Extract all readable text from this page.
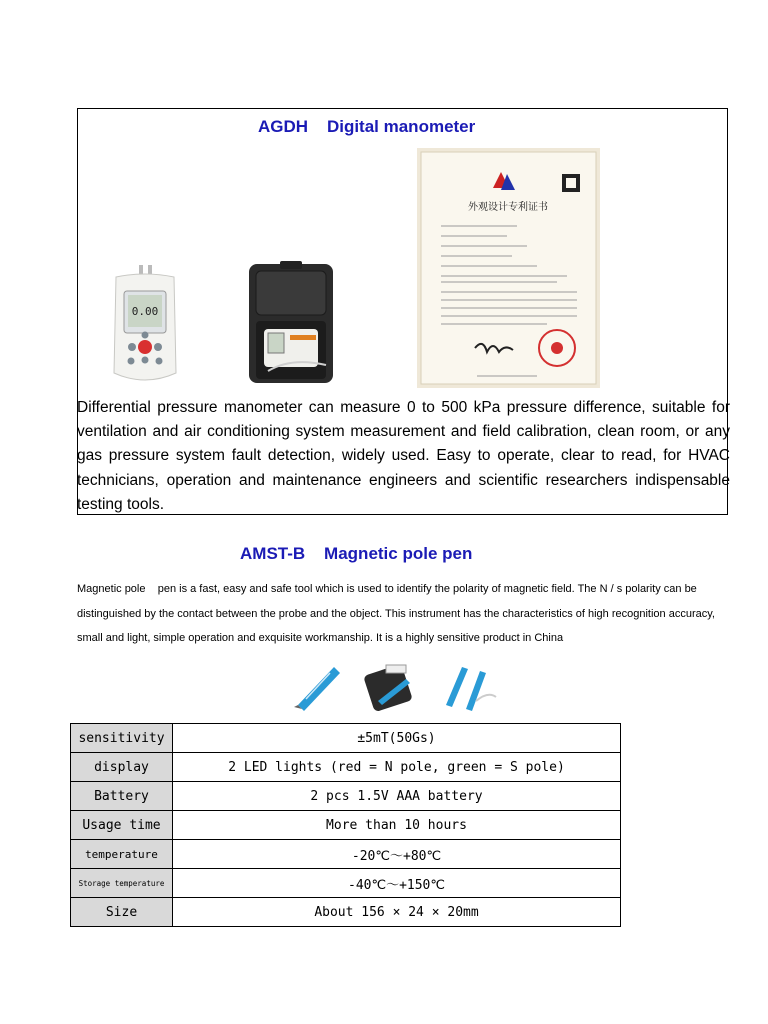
AGDH    Digital manometer
0.00
外观设计专利证书
Differential pressure manometer can measure 0 to 500 kPa pressure difference, suitable for ventilation and air conditioning system measurement and field calibration, clean room, or any gas pressure system fault detection, widely used. Easy to operate, clear to read, for HVAC technicians, operation and maintenance engineers and scientific researchers indispensable testing tools.
AMST-B    Magnetic pole pen
Magnetic pole    pen is a fast, easy and safe tool which is used to identify the polarity of magnetic field. The N / s polarity can be distinguished by the contact between the probe and the object. This instrument has the characteristics of high recognition accuracy, small and light, simple operation and exquisite workmanship. It is a highly sensitive product in China
sensitivity	±5mT(50Gs)
display	2 LED lights (red = N pole, green = S pole)
Battery	2 pcs 1.5V AAA battery
Usage time	More than 10 hours
temperature	-20℃～+80℃
Storage temperature	-40℃～+150℃
Size	About 156 × 24 × 20mm
